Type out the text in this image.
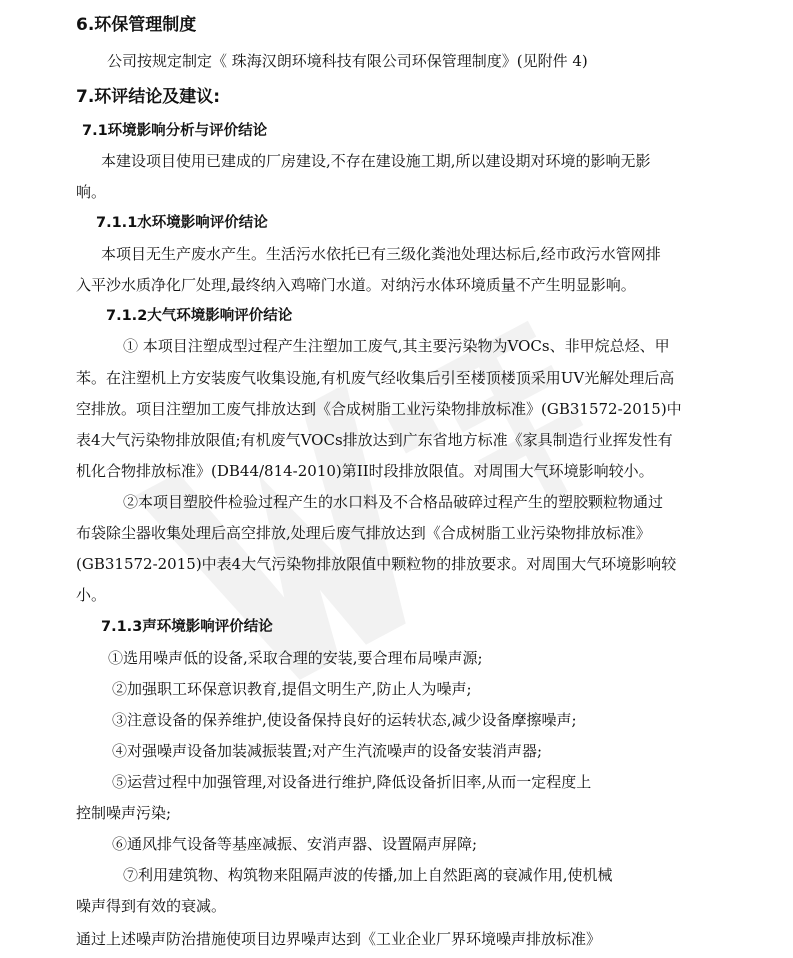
6.环保管理制度
公司按规定制定《 珠海汉朗环境科技有限公司环保管理制度》(见附件 4)
7.环评结论及建议:
7.1环境影响分析与评价结论
本建设项目使用已建成的厂房建设,不存在建设施工期,所以建设期对环境的影响无影
响。
7.1.1水环境影响评价结论
本项目无生产废水产生。生活污水依托已有三级化粪池处理达标后,经市政污水管网排
入平沙水质净化厂处理,最终纳入鸡啼门水道。对纳污水体环境质量不产生明显影响。
7.1.2大气环境影响评价结论
① 本项目注塑成型过程产生注塑加工废气,其主要污染物为VOCs、非甲烷总烃、甲
苯。在注塑机上方安装废气收集设施,有机废气经收集后引至楼顶楼顶采用UV光解处理后高
空排放。项目注塑加工废气排放达到《合成树脂工业污染物排放标准》(GB31572-2015)中
表4大气污染物排放限值;有机废气VOCs排放达到广东省地方标准《家具制造行业挥发性有
机化合物排放标准》(DB44/814-2010)第II时段排放限值。对周围大气环境影响较小。
②本项目塑胶件检验过程产生的水口料及不合格品破碎过程产生的塑胶颗粒物通过
布袋除尘器收集处理后高空排放,处理后废气排放达到《合成树脂工业污染物排放标准》
(GB31572-2015)中表4大气污染物排放限值中颗粒物的排放要求。对周围大气环境影响较
小。
7.1.3声环境影响评价结论
①选用噪声低的设备,采取合理的安装,要合理布局噪声源;
②加强职工环保意识教育,提倡文明生产,防止人为噪声;
③注意设备的保养维护,使设备保持良好的运转状态,减少设备摩擦噪声;
④对强噪声设备加装减振装置;对产生汽流噪声的设备安装消声器;
⑤运营过程中加强管理,对设备进行维护,降低设备折旧率,从而一定程度上
控制噪声污染;
⑥通风排气设备等基座减振、安消声器、设置隔声屏障;
⑦利用建筑物、构筑物来阻隔声波的传播,加上自然距离的衰减作用,使机械
噪声得到有效的衰减。
通过上述噪声防治措施使项目边界噪声达到《工业企业厂界环境噪声排放标准》
